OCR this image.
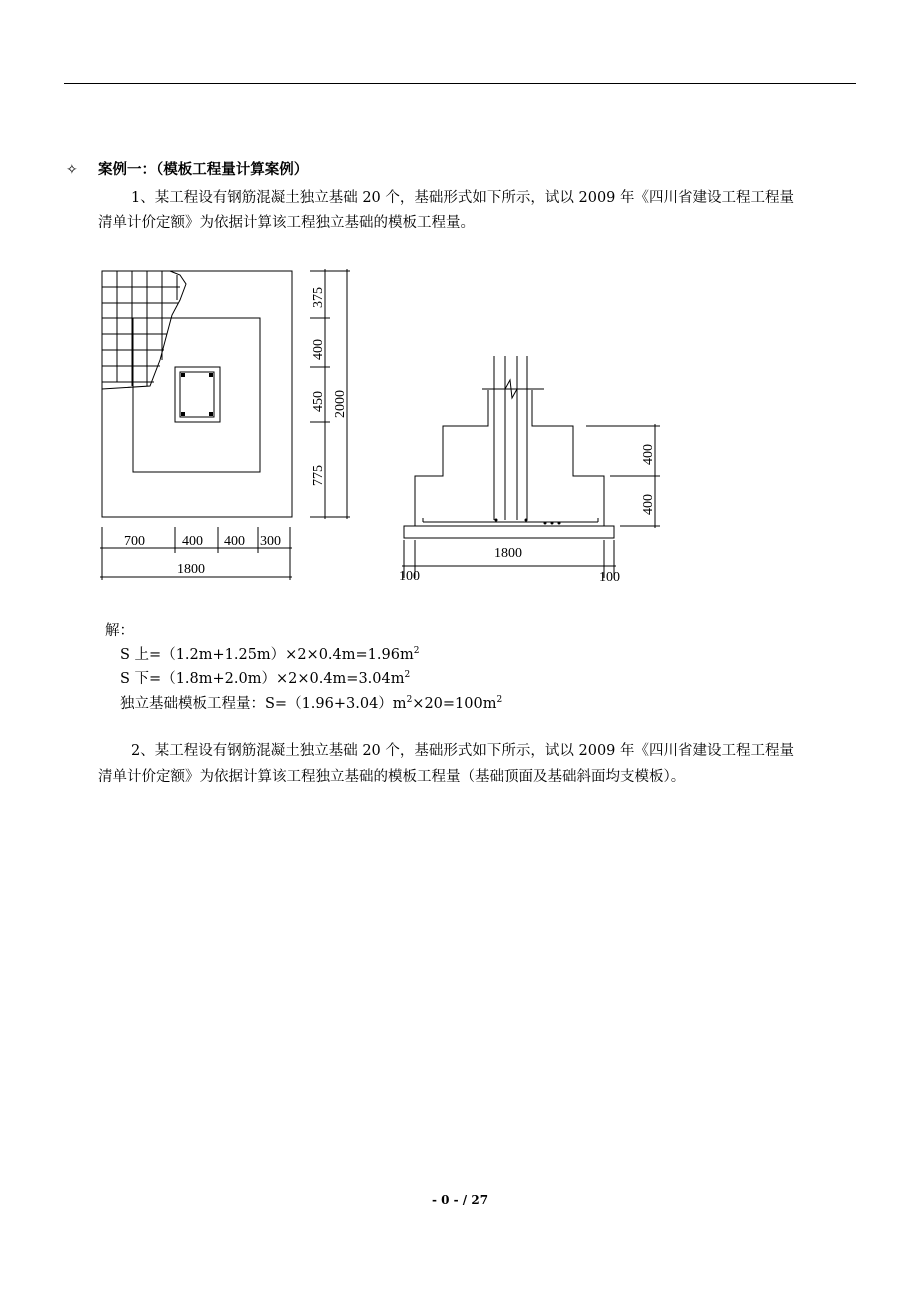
✧ 案例一：（模板工程量计算案例）
1、某工程设有钢筋混凝土独立基础 20 个，基础形式如下所示，试以 2009 年《四川省建设工程工程量
清单计价定额》为依据计算该工程独立基础的模板工程量。
700	400 400 300
1800
375
400
450
775
2000
400
400
1800
100	100
解：
S 上$=(1.2m+1.25m)\times 2\times 0.4m=1.96m^2$
S 下$=(1.8m+2.0m)\times 2\times 0.4m=3.04m^2$
独立基础模板工程量：$S=(1.96+3.04)m^2\times 20=100m^2$
2、某工程设有钢筋混凝土独立基础 20 个，基础形式如下所示，试以 2009 年《四川省建设工程工程量
清单计价定额》为依据计算该工程独立基础的模板工程量（基础顶面及基础斜面均支模板）。
- 0 - / 27
